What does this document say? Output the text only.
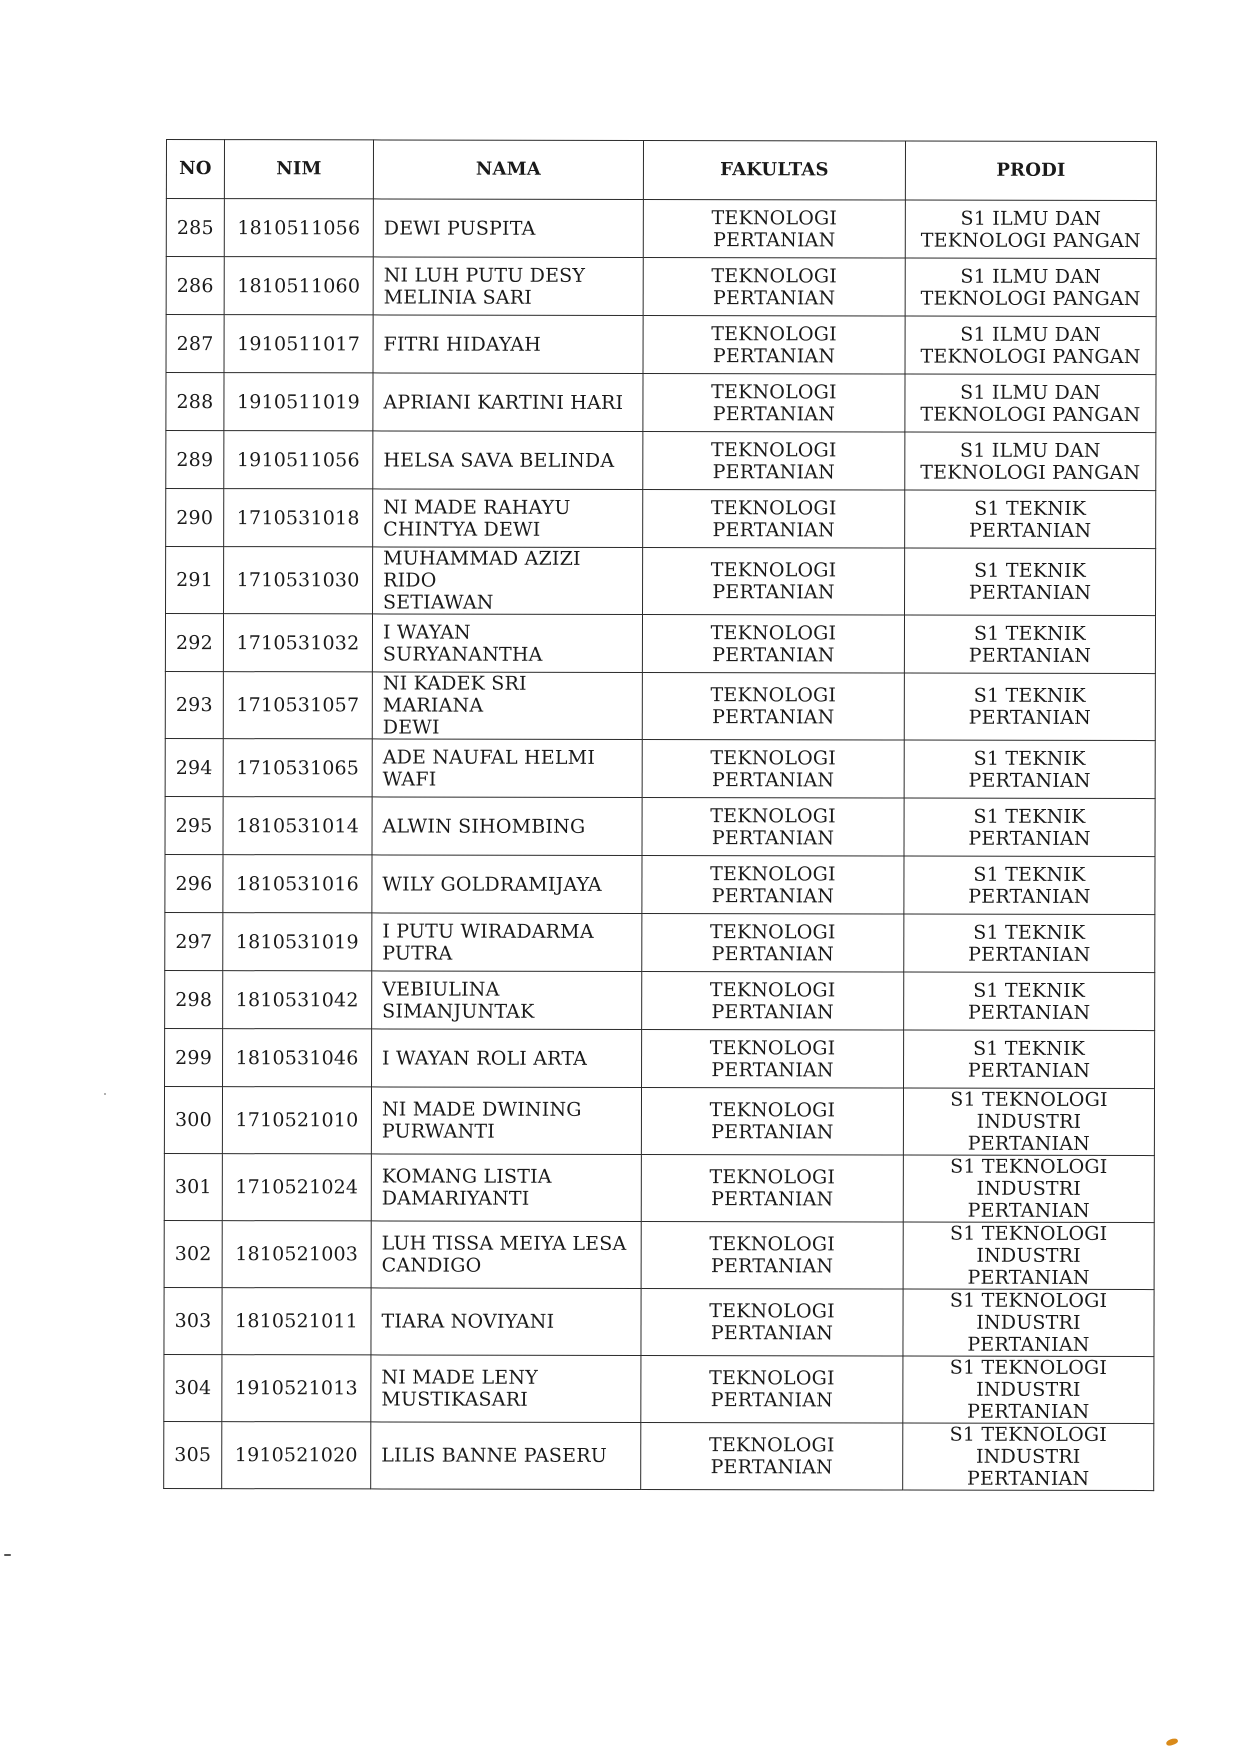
NO	NIM	NAMA	FAKULTAS	PRODI
285	1810511056	DEWI PUSPITA	TEKNOLOGI
PERTANIAN	S1 ILMU DAN
TEKNOLOGI PANGAN
286	1810511060	NI LUH PUTU DESY
MELINIA SARI	TEKNOLOGI
PERTANIAN	S1 ILMU DAN
TEKNOLOGI PANGAN
287	1910511017	FITRI HIDAYAH	TEKNOLOGI
PERTANIAN	S1 ILMU DAN
TEKNOLOGI PANGAN
288	1910511019	APRIANI KARTINI HARI	TEKNOLOGI
PERTANIAN	S1 ILMU DAN
TEKNOLOGI PANGAN
289	1910511056	HELSA SAVA BELINDA	TEKNOLOGI
PERTANIAN	S1 ILMU DAN
TEKNOLOGI PANGAN
290	1710531018	NI MADE RAHAYU
CHINTYA DEWI	TEKNOLOGI
PERTANIAN	S1 TEKNIK PERTANIAN
291	1710531030	MUHAMMAD AZIZI RIDO
SETIAWAN	TEKNOLOGI
PERTANIAN	S1 TEKNIK PERTANIAN
292	1710531032	I WAYAN SURYANANTHA	TEKNOLOGI
PERTANIAN	S1 TEKNIK PERTANIAN
293	1710531057	NI KADEK SRI MARIANA
DEWI	TEKNOLOGI
PERTANIAN	S1 TEKNIK PERTANIAN
294	1710531065	ADE NAUFAL HELMI
WAFI	TEKNOLOGI
PERTANIAN	S1 TEKNIK PERTANIAN
295	1810531014	ALWIN SIHOMBING	TEKNOLOGI
PERTANIAN	S1 TEKNIK PERTANIAN
296	1810531016	WILY GOLDRAMIJAYA	TEKNOLOGI
PERTANIAN	S1 TEKNIK PERTANIAN
297	1810531019	I PUTU WIRADARMA
PUTRA	TEKNOLOGI
PERTANIAN	S1 TEKNIK PERTANIAN
298	1810531042	VEBIULINA
SIMANJUNTAK	TEKNOLOGI
PERTANIAN	S1 TEKNIK PERTANIAN
299	1810531046	I WAYAN ROLI ARTA	TEKNOLOGI
PERTANIAN	S1 TEKNIK PERTANIAN
300	1710521010	NI MADE DWINING
PURWANTI	TEKNOLOGI
PERTANIAN	S1 TEKNOLOGI
INDUSTRI PERTANIAN
301	1710521024	KOMANG LISTIA
DAMARIYANTI	TEKNOLOGI
PERTANIAN	S1 TEKNOLOGI
INDUSTRI PERTANIAN
302	1810521003	LUH TISSA MEIYA LESA
CANDIGO	TEKNOLOGI
PERTANIAN	S1 TEKNOLOGI
INDUSTRI PERTANIAN
303	1810521011	TIARA NOVIYANI	TEKNOLOGI
PERTANIAN	S1 TEKNOLOGI
INDUSTRI PERTANIAN
304	1910521013	NI MADE LENY
MUSTIKASARI	TEKNOLOGI
PERTANIAN	S1 TEKNOLOGI
INDUSTRI PERTANIAN
305	1910521020	LILIS BANNE PASERU	TEKNOLOGI
PERTANIAN	S1 TEKNOLOGI
INDUSTRI PERTANIAN
